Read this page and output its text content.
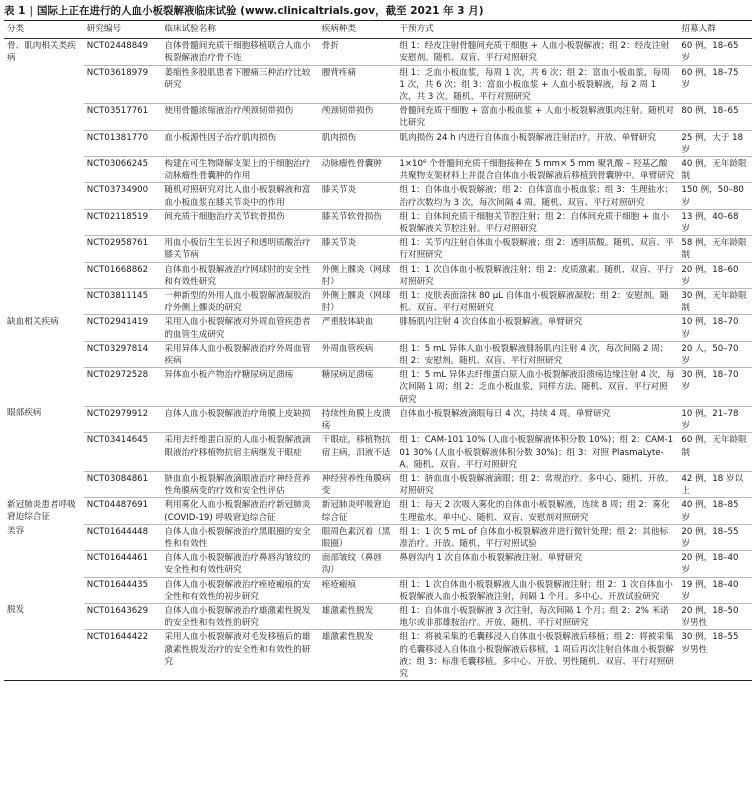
表 1 | 国际上正在进行的人血小板裂解液临床试验 (www.clinicaltrials.gov，截至 2021 年 3 月)
分类	研究编号	临床试验名称	疾病种类	干预方式	招募人群
骨、肌肉相关类疾病	NCT02448849	自体骨髓间充质干细胞移植联合人血小板裂解液治疗骨不连	骨折	组 1：经皮注射骨髓间充质干细胞 + 人血小板裂解液；组 2：经皮注射安慰剂。随机、双盲、平行对照研究	60 例，18–65 岁
	NCT03618979	萎缩性多股肌患者下腰痛三种治疗比较研究	腰背疼痛	组 1：乏血小板血浆，每周 1 次，共 6 次；组 2：富血小板血浆，每周 1 次，共 6 次；组 3：富血小板血浆 + 人血小板裂解液，每 2 周 1 次，共 3 次。随机、平行对照研究	60 例，18–75 岁
	NCT03517761	使用骨髓浓缩液治疗颅颈韧带损伤	颅颈韧带损伤	骨髓间充质干细胞 + 富血小板血浆 + 人血小板裂解液肌肉注射。随机对比研究	80 例，18–65
	NCT01381770	血小板源性因子治疗肌肉损伤	肌肉损伤	肌肉损伤 24 h 内进行自体血小板裂解液注射治疗。开放、单臂研究	25 例，大于 18 岁
	NCT03066245	构建在可生物降解支架上的干细胞治疗动脉瘤性骨囊肿的作用	动脉瘤性骨囊肿	1×10⁶ 个骨髓间充质干细胞接种在 5 mm× 5 mm 聚乳酸 – 羟基乙酸共聚物支架材料上并混合自体血小板裂解液后移植到骨囊肿中。单臂研究	40 例，无年龄限制
	NCT03734900	随机对照研究对比人血小板裂解液和富血小板血浆在膝关节炎中的作用	膝关节炎	组 1：自体血小板裂解液；组 2：自体富血小板血浆；组 3：生理盐水；治疗次数均为 3 次，每次间隔 4 周。随机、双盲、平行对照研究	150 例，50–80 岁
	NCT02118519	间充质干细胞治疗关节软骨损伤	膝关节软骨损伤	组 1：自体间充质干细胞关节腔注射；组 2：自体间充质干细胞 + 血小板裂解液关节腔注射。平行对照研究	13 例，40–68 岁
	NCT02958761	用血小板衍生生长因子和透明质酸治疗膝关节病	膝关节炎	组 1：关节内注射自体血小板裂解液；组 2：透明质酸。随机、双盲、平行对照研究	58 例，无年龄限制
	NCT01668862	自体血小板裂解液治疗网球肘的安全性和有效性研究	外侧上髁炎（网球肘）	组 1：1 次自体血小板裂解液注射；组 2：皮质激素。随机、双盲、平行对照研究	20 例，18–60 岁
	NCT03811145	一种新型的外用人血小板裂解液凝胶治疗外侧上髁炎的研究	外侧上髁炎（网球肘）	组 1：皮肤表面涂抹 80 μL 自体血小板裂解液凝胶；组 2：安慰剂。随机、双盲、平行对照研究	30 例，无年龄限制
缺血相关疾病	NCT02941419	采用人血小板裂解液对外周血管疾患者的血管生成研究	严重肢体缺血	腓肠肌内注射 4 次自体血小板裂解液。单臂研究	10 例，18–70 岁
	NCT03297814	采用异体人血小板裂解液治疗外周血管疾病	外周血管疾病	组 1：5 mL 异体人血小板裂解液腓肠肌内注射 4 次，每次间隔 2 周；组 2：安慰剂。随机、双盲、平行对照研究	20 人，50–70 岁
	NCT02972528	异体血小板产物治疗糖尿病足溃疡	糖尿病足溃疡	组 1：5 mL 异体去纤维蛋白原人血小板裂解液沿溃疡边缘注射 4 次，每次间隔 1 周；组 2：乏血小板血浆，同样方法。随机、双盲、平行对照研究	30 例，18–70 岁
眼部疾病	NCT02979912	自体人血小板裂解液治疗角膜上皮缺损	持续性角膜上皮溃疡	自体血小板裂解液滴眼每日 4 次，持续 4 周。单臂研究	10 例，21–78 岁
	NCT03414645	采用去纤维蛋白原的人血小板裂解液滴眼液治疗移植物抗宿主病继发干眼症	干眼症，移植物抗宿主病，泪液不适	组 1：CAM-101 10% (人血小板裂解液体积分数 10%)；组 2：CAM-101 30% (人血小板裂解液体积分数 30%)；组 3：对照 PlasmaLyte-A。随机、双盲、平行对照研究	60 例，无年龄限制
	NCT03084861	脐血血小板裂解液滴眼液治疗神经营养性角膜病变的疗效和安全性评估	神经营养性角膜病变	组 1：脐血血小板裂解液滴眼；组 2：常规治疗。多中心、随机、开放、对照研究	42 例，18 岁以上
新冠肺炎患者呼吸窘迫综合征	NCT04487691	利用雾化人血小板裂解液治疗新冠肺炎 (COVID-19) 呼吸窘迫综合征	新冠肺炎呼吸窘迫综合征	组 1：每天 2 次吸入雾化的自体血小板裂解液，连续 8 周；组 2：雾化生理盐水。单中心、随机、双盲、安慰剂对照研究	40 例，18–85 岁
美容	NCT01644448	自体人血小板裂解液治疗黑眼圈的安全性和有效性	眼周色素沉着（黑眼圈）	组 1：1 次 5 mL of 自体血小板裂解液并进行微针处理；组 2：其他标准治疗。开放、随机、平行对照试验	20 例，18–55 岁
	NCT01644461	自体人血小板裂解液治疗鼻唇沟皱纹的安全性和有效性研究	面部皱纹（鼻唇沟）	鼻唇沟内 1 次自体血小板裂解液注射。单臂研究	20 例，18–40 岁
	NCT01644435	自体人血小板裂解液治疗痤疮瘢痕的安全性和有效性的初步研究	痤疮瘢痕	组 1：1 次自体血小板裂解液人血小板裂解液注射；组 2：1 次自体血小板裂解液人血小板裂解液注射，间隔 1 个月。多中心、开放试验研究	19 例，18–40 岁
脱发	NCT01643629	自体人血小板裂解液治疗雄激素性脱发的安全性和有效性的研究	雄激素性脱发	组 1：自体血小板裂解液 3 次注射，每次间隔 1 个月；组 2：2% 米诺地尔或非那雄胺治疗。开放、随机、平行对照研究	20 例，18–50 岁男性
	NCT01644422	采用人血小板裂解液对毛发移植后的雄激素性脱发治疗的安全性和有效性的研究	雄激素性脱发	组 1：将被采集的毛囊移浸入自体血小板裂解液后移植；组 2：将被采集的毛囊移浸入自体血小板裂解液后移植，1 周后再次注射自体血小板裂解液；组 3：标准毛囊移植。多中心、开放、男性随机、双盲、平行对照研究	30 例，18–55 岁男性
